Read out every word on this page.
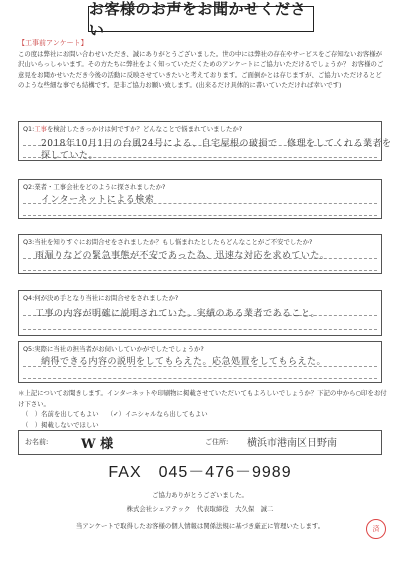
お客様のお声をお聞かせください
【工事前アンケート】
この度は弊社にお問い合わせいただき、誠にありがとうございました。世の中には弊社の存在やサービスをご存知ないお客様が沢山いらっしゃいます。その方たちに弊社をよく知っていただくためのアンケートにご協力いただけるでしょうか？ お客様のご意見をお聞かせいただき今後の活動に反映させていきたいと考えております。ご面倒かとは存じますが、ご協力いただけるとどのような些細な事でも結構です。是非ご協力お願い致します。(出来るだけ具体的に書いていただければ幸いです)
Q1:工事を検討したきっかけは何ですか？どんなことで悩まれていましたか?
2018年10月1日の台風24号による、自宅屋根の破損で　修理をしてくれる業者を
探していた。
Q2:業者・工事会社をどのように探されましたか?
インターネットによる検索
Q3:当社を知りすぐにお問合せをされましたか？もし悩まれたとしたらどんなことがご不安でしたか?
雨漏りなどの緊急事態が不安であった為、迅速な対応を求めていた。
Q4:何が決め手となり当社にお問合せをされましたか?
工事の内容が明確に説明されていた。実績のある業者であること。
Q5:実際に当社の担当者がお伺いしていかがでしたでしょうか?
納得できる内容の説明をしてもらえた。応急処置をしてもらえた。
＊上記についてお聞きします。インターネットや印刷物に掲載させていただいてもよろしいでしょうか？下記の中から○印をお付け下さい。
（　）名前を出してもよい （✓）イニシャルなら出してもよい
（　）掲載しないでほしい
お名前:	W 様	ご住所: 横浜市港南区日野南
FAX　045－476－9989
ご協力ありがとうございました。
株式会社シェアテック　代表取締役　大久保　誠二
当アンケートで取得したお客様の個人情報は関係法規に基づき厳正に管理いたします。	済
